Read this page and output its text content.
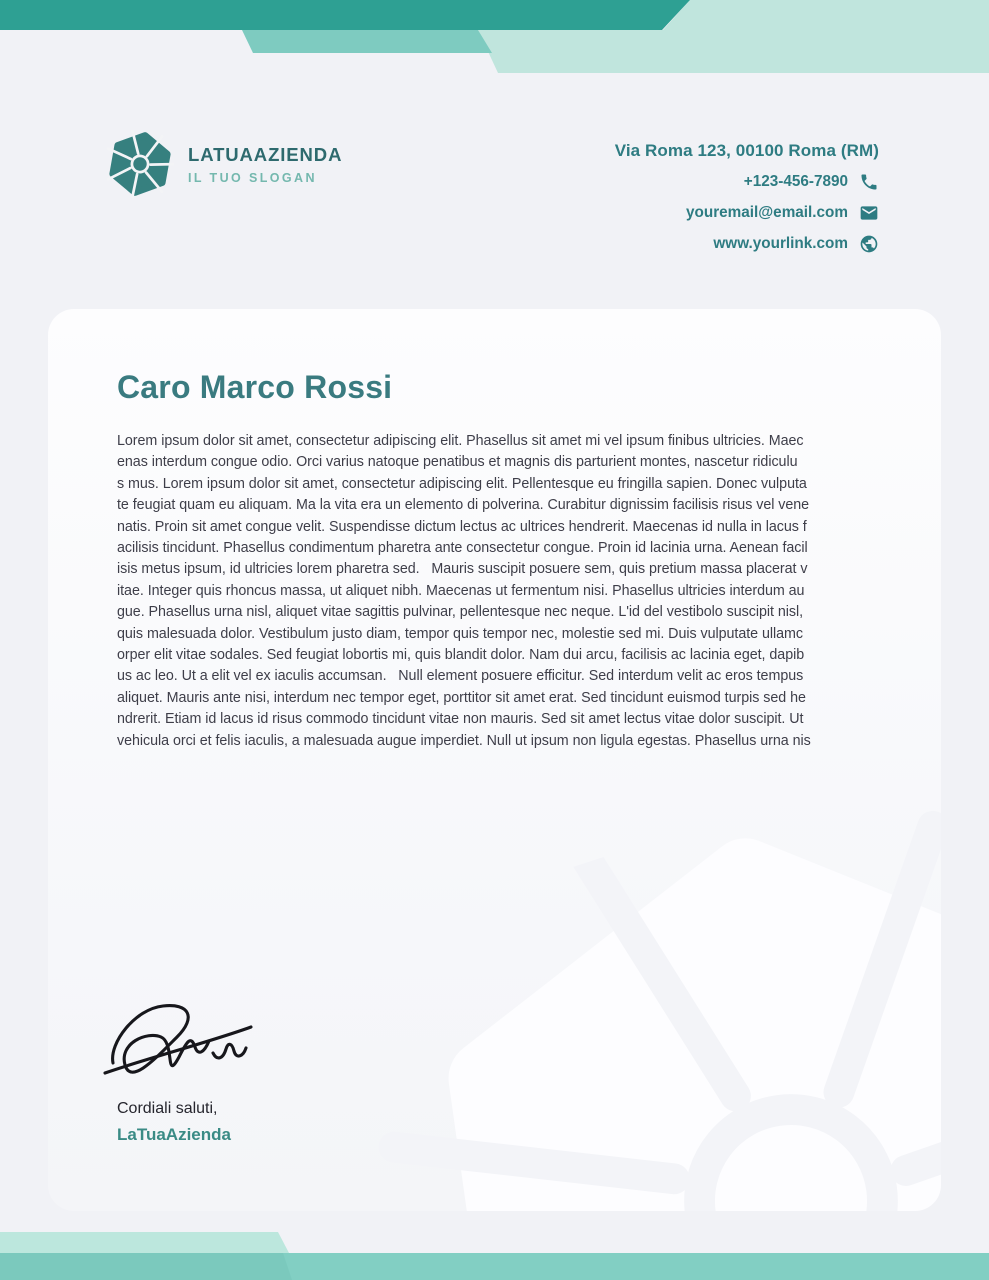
LATUAAZIENDA
IL TUO SLOGAN
Via Roma 123, 00100 Roma (RM)
+123-456-7890
youremail@email.com
www.yourlink.com
Caro Marco Rossi
Lorem ipsum dolor sit amet, consectetur adipiscing elit. Phasellus sit amet mi vel ipsum finibus ultricies. Maec
enas interdum congue odio. Orci varius natoque penatibus et magnis dis parturient montes, nascetur ridiculu
s mus. Lorem ipsum dolor sit amet, consectetur adipiscing elit. Pellentesque eu fringilla sapien. Donec vulputa
te feugiat quam eu aliquam. Ma la vita era un elemento di polverina. Curabitur dignissim facilisis risus vel vene
natis. Proin sit amet congue velit. Suspendisse dictum lectus ac ultrices hendrerit. Maecenas id nulla in lacus f
acilisis tincidunt. Phasellus condimentum pharetra ante consectetur congue. Proin id lacinia urna. Aenean facil
isis metus ipsum, id ultricies lorem pharetra sed.   Mauris suscipit posuere sem, quis pretium massa placerat v
itae. Integer quis rhoncus massa, ut aliquet nibh. Maecenas ut fermentum nisi. Phasellus ultricies interdum au
gue. Phasellus urna nisl, aliquet vitae sagittis pulvinar, pellentesque nec neque. L'id del vestibolo suscipit nisl,
quis malesuada dolor. Vestibulum justo diam, tempor quis tempor nec, molestie sed mi. Duis vulputate ullamc
orper elit vitae sodales. Sed feugiat lobortis mi, quis blandit dolor. Nam dui arcu, facilisis ac lacinia eget, dapib
us ac leo. Ut a elit vel ex iaculis accumsan.   Null element posuere efficitur. Sed interdum velit ac eros tempus
aliquet. Mauris ante nisi, interdum nec tempor eget, porttitor sit amet erat. Sed tincidunt euismod turpis sed he
ndrerit. Etiam id lacus id risus commodo tincidunt vitae non mauris. Sed sit amet lectus vitae dolor suscipit. Ut
vehicula orci et felis iaculis, a malesuada augue imperdiet. Null ut ipsum non ligula egestas. Phasellus urna nis
Cordiali saluti,
LaTuaAzienda
